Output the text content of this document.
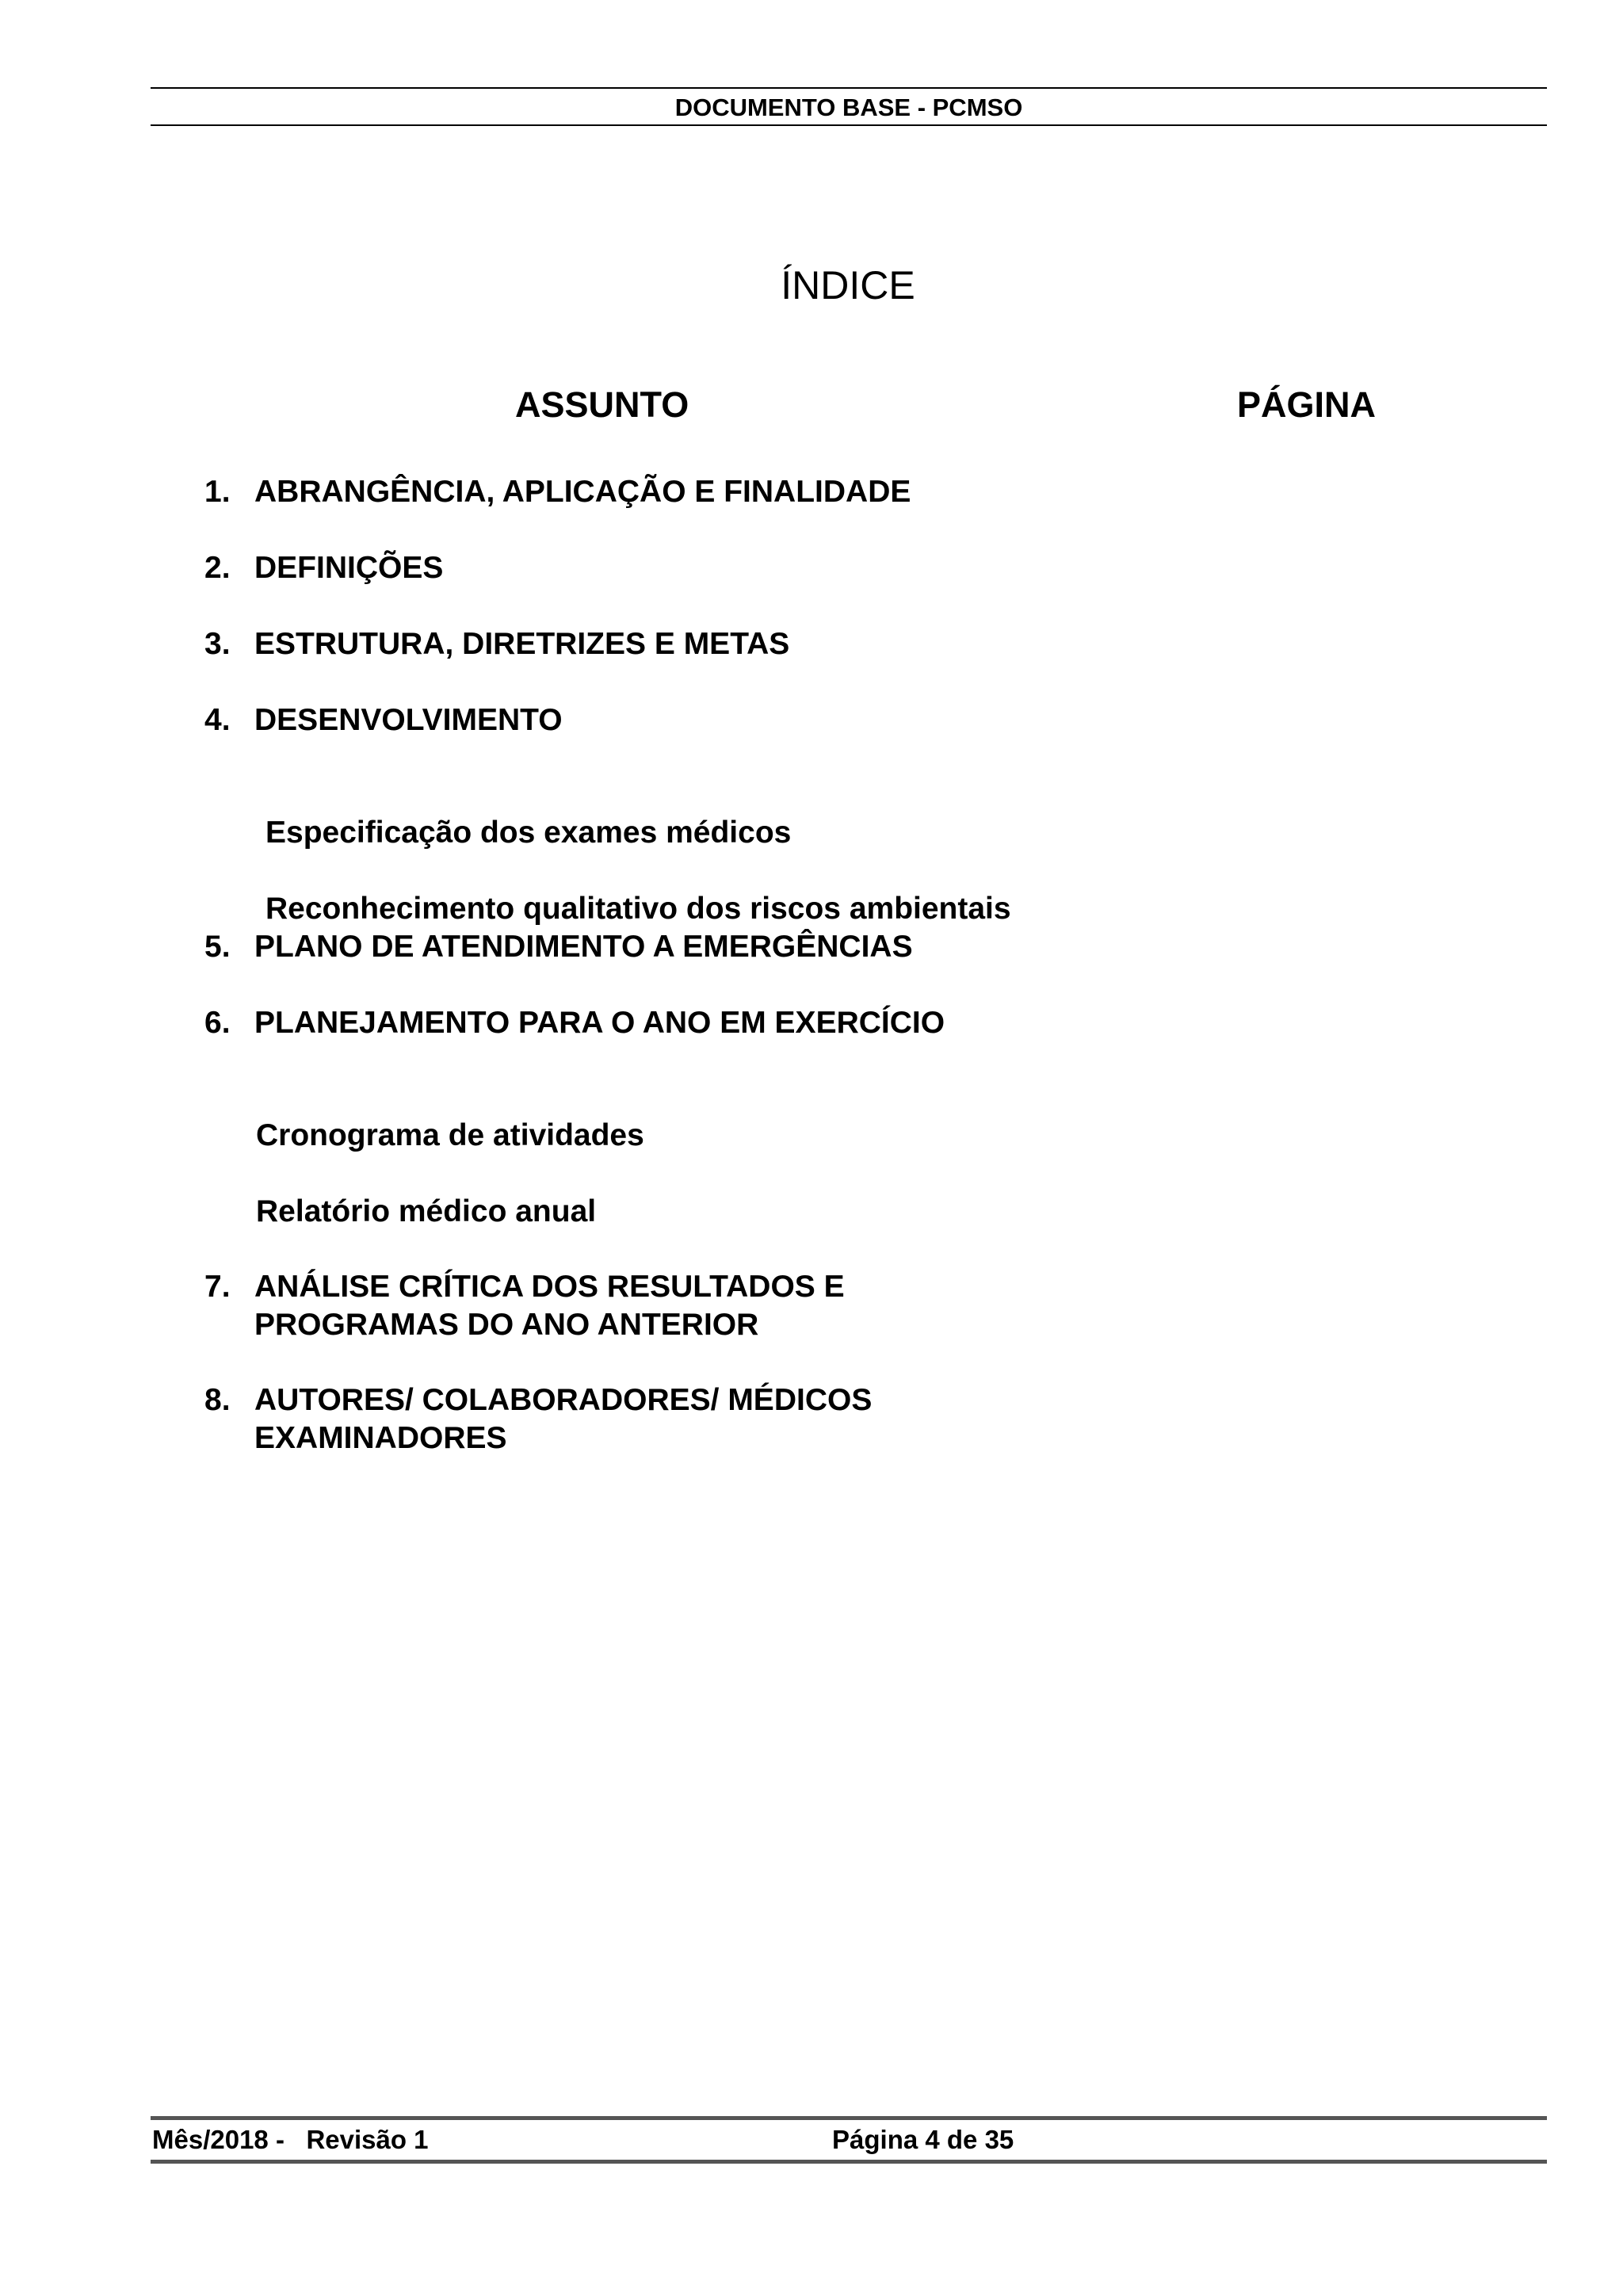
DOCUMENTO BASE - PCMSO
ÍNDICE
ASSUNTO	PÁGINA
1. ABRANGÊNCIA, APLICAÇÃO E FINALIDADE
2. DEFINIÇÕES
3. ESTRUTURA, DIRETRIZES E METAS
4. DESENVOLVIMENTO
Especificação dos exames médicos
Reconhecimento qualitativo dos riscos ambientais
5. PLANO DE ATENDIMENTO A EMERGÊNCIAS
6. PLANEJAMENTO PARA O ANO EM EXERCÍCIO
Cronograma de atividades
Relatório médico anual
7. ANÁLISE CRÍTICA DOS RESULTADOS E
PROGRAMAS DO ANO ANTERIOR
8. AUTORES/ COLABORADORES/ MÉDICOS
EXAMINADORES
Mês/2018 -   Revisão 1	Página 4 de 35
